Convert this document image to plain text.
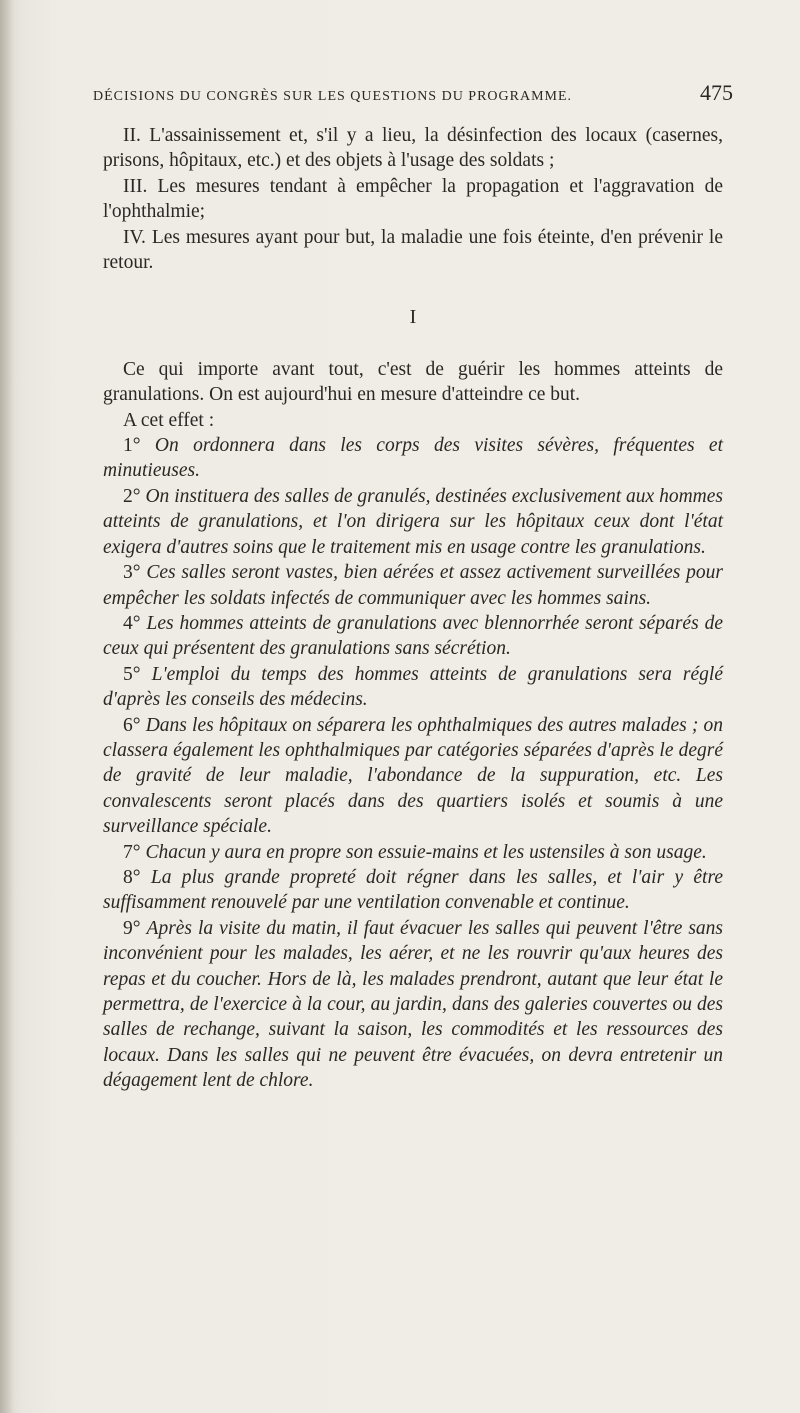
DÉCISIONS DU CONGRÈS SUR LES QUESTIONS DU PROGRAMME.	475

II. L'assainissement et, s'il y a lieu, la désinfection des locaux (casernes, prisons, hôpitaux, etc.) et des objets à l'usage des soldats ;

III. Les mesures tendant à empêcher la propagation et l'aggravation de l'ophthalmie;

IV. Les mesures ayant pour but, la maladie une fois éteinte, d'en prévenir le retour.

I

Ce qui importe avant tout, c'est de guérir les hommes atteints de granulations. On est aujourd'hui en mesure d'atteindre ce but.

A cet effet :

1° On ordonnera dans les corps des visites sévères, fréquentes et minutieuses.

2° On instituera des salles de granulés, destinées exclusivement aux hommes atteints de granulations, et l'on dirigera sur les hôpitaux ceux dont l'état exigera d'autres soins que le traitement mis en usage contre les granulations.

3° Ces salles seront vastes, bien aérées et assez activement surveillées pour empêcher les soldats infectés de communiquer avec les hommes sains.

4° Les hommes atteints de granulations avec blennorrhée seront séparés de ceux qui présentent des granulations sans sécrétion.

5° L'emploi du temps des hommes atteints de granulations sera réglé d'après les conseils des médecins.

6° Dans les hôpitaux on séparera les ophthalmiques des autres malades ; on classera également les ophthalmiques par catégories séparées d'après le degré de gravité de leur maladie, l'abondance de la suppuration, etc. Les convalescents seront placés dans des quartiers isolés et soumis à une surveillance spéciale.

7° Chacun y aura en propre son essuie-mains et les ustensiles à son usage.

8° La plus grande propreté doit régner dans les salles, et l'air y être suffisamment renouvelé par une ventilation convenable et continue.

9° Après la visite du matin, il faut évacuer les salles qui peuvent l'être sans inconvénient pour les malades, les aérer, et ne les rouvrir qu'aux heures des repas et du coucher. Hors de là, les malades prendront, autant que leur état le permettra, de l'exercice à la cour, au jardin, dans des galeries couvertes ou des salles de rechange, suivant la saison, les commodités et les ressources des locaux. Dans les salles qui ne peuvent être évacuées, on devra entretenir un dégagement lent de chlore.
